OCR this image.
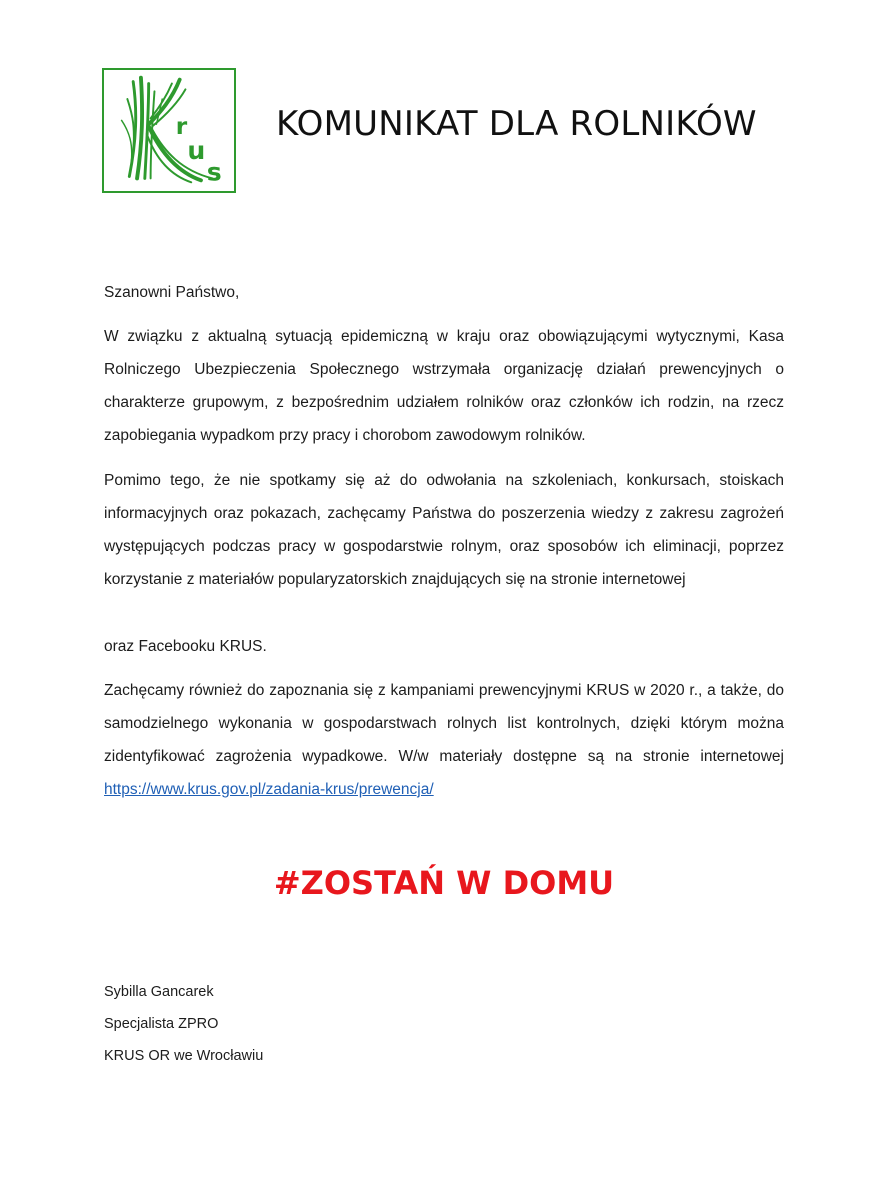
r
u
s
KOMUNIKAT DLA ROLNIKÓW
Szanowni Państwo,
W związku z aktualną sytuacją epidemiczną w kraju oraz obowiązującymi wytycznymi, Kasa Rolniczego Ubezpieczenia Społecznego wstrzymała organizację działań prewencyjnych o charakterze grupowym, z bezpośrednim udziałem rolników oraz członków ich rodzin, na rzecz zapobiegania wypadkom przy pracy i chorobom zawodowym rolników.
Pomimo tego, że nie spotkamy się aż do odwołania na szkoleniach, konkursach, stoiskach informacyjnych oraz pokazach, zachęcamy Państwa do poszerzenia wiedzy z zakresu zagrożeń występujących podczas pracy w gospodarstwie rolnym, oraz sposobów ich eliminacji, poprzez korzystanie z materiałów popularyzatorskich znajdujących się na stronie internetowej
oraz Facebooku KRUS.
Zachęcamy również do zapoznania się z kampaniami prewencyjnymi KRUS w 2020 r., a także, do samodzielnego wykonania w gospodarstwach rolnych list kontrolnych, dzięki którym można zidentyfikować zagrożenia wypadkowe. W/w materiały dostępne są na stronie internetowej https://www.krus.gov.pl/zadania-krus/prewencja/
#ZOSTAŃ W DOMU
Sybilla Gancarek
Specjalista ZPRO
KRUS OR we Wrocławiu
